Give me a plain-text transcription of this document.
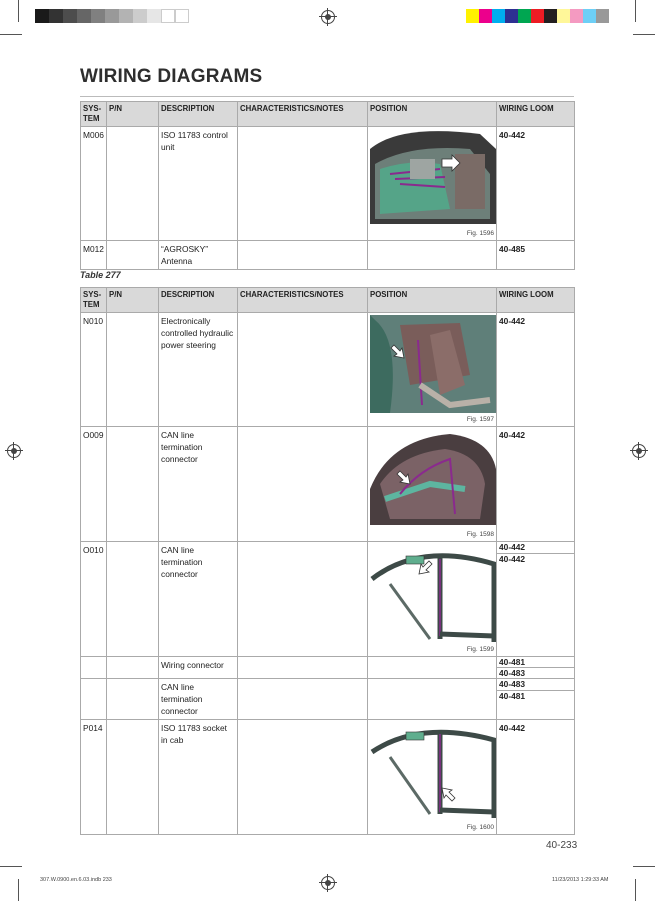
WIRING DIAGRAMS
SYS-TEM	P/N	DESCRIPTION	CHARACTERISTICS/NOTES	POSITION	WIRING LOOM
M006		ISO 11783 control unit		Fig. 1596	40-442
M012		“AGROSKY” Antenna			40-485
Table 277
SYS-TEM	P/N	DESCRIPTION	CHARACTERISTICS/NOTES	POSITION	WIRING LOOM
N010		Electronically controlled hydraulic power steering		Fig. 1597	40-442
O009		CAN line termination connector		Fig. 1598	40-442
O010		CAN line termination connector		Fig. 1599	40-442
40-442

		Wiring connector			40-481
40-483

		CAN line termination connector			40-483
40-481

P014		ISO 11783 socket in cab		Fig. 1600	40-442
40-233
307.W.0900.en.6.03.indb 233	11/23/2013 1:29:33 AM
